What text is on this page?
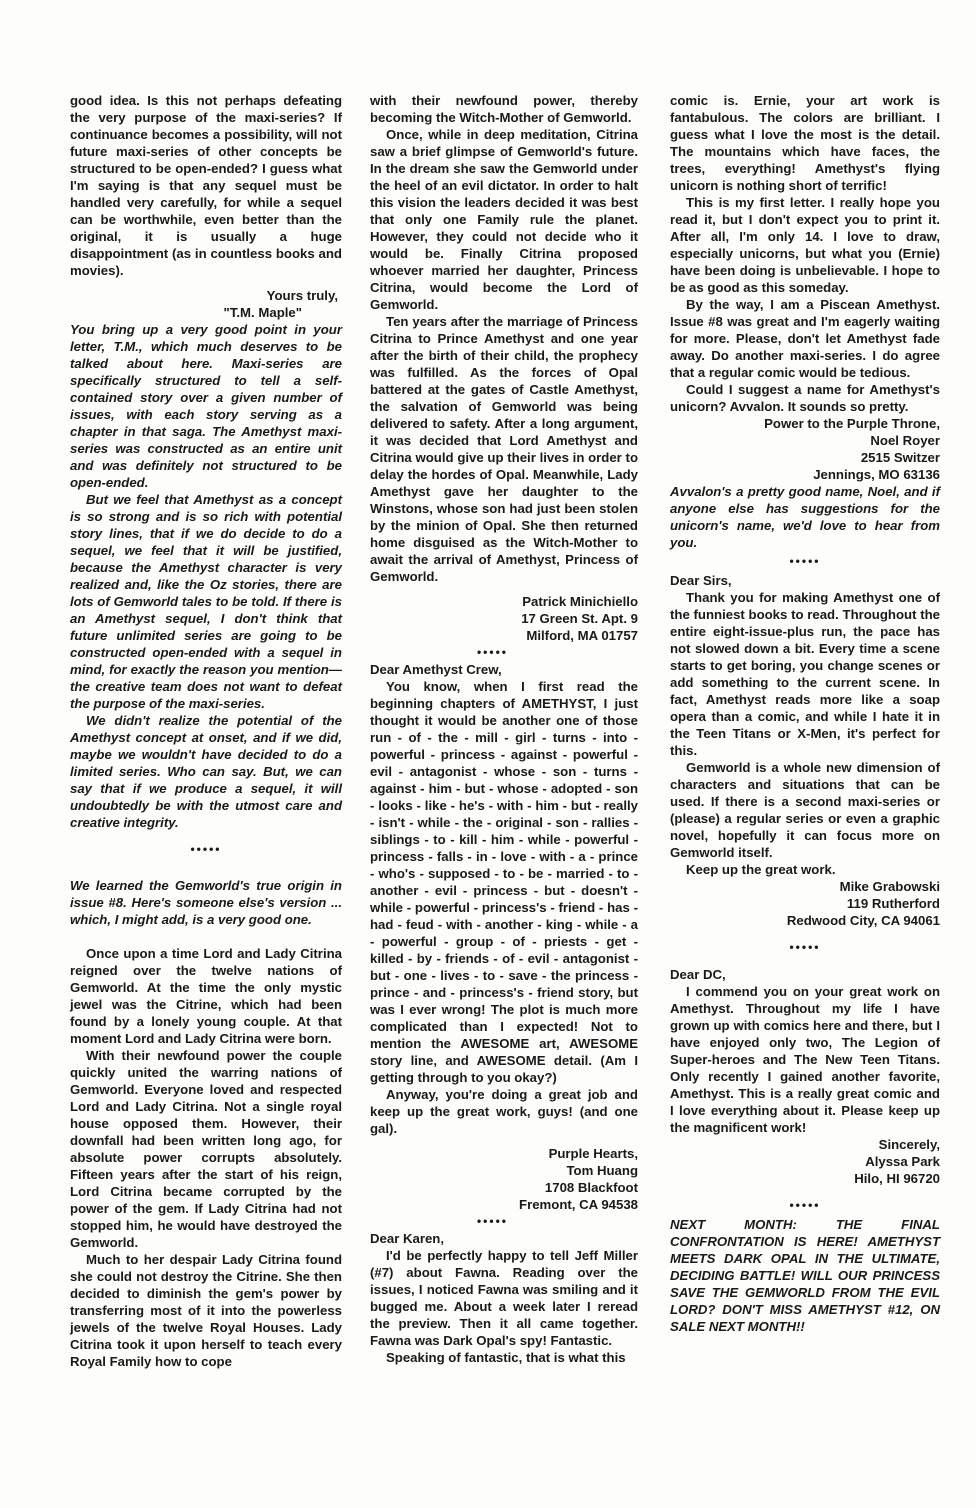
good idea. Is this not perhaps defeating the very purpose of the maxi-series? If continuance becomes a possibility, will not future maxi-series of other concepts be structured to be open-ended? I guess what I'm saying is that any sequel must be handled very carefully, for while a sequel can be worthwhile, even better than the original, it is usually a huge disappointment (as in countless books and movies).

Yours truly,

"T.M. Maple"

You bring up a very good point in your letter, T.M., which much deserves to be talked about here. Maxi-series are specifically structured to tell a self-contained story over a given number of issues, with each story serving as a chapter in that saga. The Amethyst maxi-series was constructed as an entire unit and was definitely not structured to be open-ended.

But we feel that Amethyst as a concept is so strong and is so rich with potential story lines, that if we do decide to do a sequel, we feel that it will be justified, because the Amethyst character is very realized and, like the Oz stories, there are lots of Gemworld tales to be told. If there is an Amethyst sequel, I don't think that future unlimited series are going to be constructed open-ended with a sequel in mind, for exactly the reason you mention—the creative team does not want to defeat the purpose of the maxi-series.

We didn't realize the potential of the Amethyst concept at onset, and if we did, maybe we wouldn't have decided to do a limited series. Who can say. But, we can say that if we produce a sequel, it will undoubtedly be with the utmost care and creative integrity.

•••••

We learned the Gemworld's true origin in issue #8. Here's someone else's version ... which, I might add, is a very good one.

Once upon a time Lord and Lady Citrina reigned over the twelve nations of Gemworld. At the time the only mystic jewel was the Citrine, which had been found by a lonely young couple. At that moment Lord and Lady Citrina were born.

With their newfound power the couple quickly united the warring nations of Gemworld. Everyone loved and respected Lord and Lady Citrina. Not a single royal house opposed them. However, their downfall had been written long ago, for absolute power corrupts absolutely. Fifteen years after the start of his reign, Lord Citrina became corrupted by the power of the gem. If Lady Citrina had not stopped him, he would have destroyed the Gemworld.

Much to her despair Lady Citrina found she could not destroy the Citrine. She then decided to diminish the gem's power by transferring most of it into the powerless jewels of the twelve Royal Houses. Lady Citrina took it upon herself to teach every Royal Family how to cope

with their newfound power, thereby becoming the Witch-Mother of Gemworld.

Once, while in deep meditation, Citrina saw a brief glimpse of Gemworld's future. In the dream she saw the Gemworld under the heel of an evil dictator. In order to halt this vision the leaders decided it was best that only one Family rule the planet. However, they could not decide who it would be. Finally Citrina proposed whoever married her daughter, Princess Citrina, would become the Lord of Gemworld.

Ten years after the marriage of Princess Citrina to Prince Amethyst and one year after the birth of their child, the prophecy was fulfilled. As the forces of Opal battered at the gates of Castle Amethyst, the salvation of Gemworld was being delivered to safety. After a long argument, it was decided that Lord Amethyst and Citrina would give up their lives in order to delay the hordes of Opal. Meanwhile, Lady Amethyst gave her daughter to the Winstons, whose son had just been stolen by the minion of Opal. She then returned home disguised as the Witch-Mother to await the arrival of Amethyst, Princess of Gemworld.

Patrick Minichiello

17 Green St. Apt. 9

Milford, MA 01757

•••••

Dear Amethyst Crew,

You know, when I first read the beginning chapters of AMETHYST, I just thought it would be another one of those run - of - the - mill - girl - turns - into - powerful - princess - against - powerful - evil - antagonist - whose - son - turns - against - him - but - whose - adopted - son - looks - like - he's - with - him - but - really - isn't - while - the - original - son - rallies - siblings - to - kill - him - while - powerful - princess - falls - in - love - with - a - prince - who's - supposed - to - be - married - to - another - evil - princess - but - doesn't - while - powerful - princess's - friend - has - had - feud - with - another - king - while - a - powerful - group - of - priests - get - killed - by - friends - of - evil - antagonist - but - one - lives - to - save - the princess - prince - and - princess's - friend story, but was I ever wrong! The plot is much more complicated than I expected! Not to mention the AWESOME art, AWESOME story line, and AWESOME detail. (Am I getting through to you okay?)

Anyway, you're doing a great job and keep up the great work, guys! (and one gal).

Purple Hearts,

Tom Huang

1708 Blackfoot

Fremont, CA 94538

•••••

Dear Karen,

I'd be perfectly happy to tell Jeff Miller (#7) about Fawna. Reading over the issues, I noticed Fawna was smiling and it bugged me. About a week later I reread the preview. Then it all came together. Fawna was Dark Opal's spy! Fantastic.

Speaking of fantastic, that is what this

comic is. Ernie, your art work is fantabulous. The colors are brilliant. I guess what I love the most is the detail. The mountains which have faces, the trees, everything! Amethyst's flying unicorn is nothing short of terrific!

This is my first letter. I really hope you read it, but I don't expect you to print it. After all, I'm only 14. I love to draw, especially unicorns, but what you (Ernie) have been doing is unbelievable. I hope to be as good as this someday.

By the way, I am a Piscean Amethyst. Issue #8 was great and I'm eagerly waiting for more. Please, don't let Amethyst fade away. Do another maxi-series. I do agree that a regular comic would be tedious.

Could I suggest a name for Amethyst's unicorn? Avvalon. It sounds so pretty.

Power to the Purple Throne,

Noel Royer

2515 Switzer

Jennings, MO 63136

Avvalon's a pretty good name, Noel, and if anyone else has suggestions for the unicorn's name, we'd love to hear from you.

•••••

Dear Sirs,

Thank you for making Amethyst one of the funniest books to read. Throughout the entire eight-issue-plus run, the pace has not slowed down a bit. Every time a scene starts to get boring, you change scenes or add something to the current scene. In fact, Amethyst reads more like a soap opera than a comic, and while I hate it in the Teen Titans or X-Men, it's perfect for this.

Gemworld is a whole new dimension of characters and situations that can be used. If there is a second maxi-series or (please) a regular series or even a graphic novel, hopefully it can focus more on Gemworld itself.

Keep up the great work.

Mike Grabowski

119 Rutherford

Redwood City, CA 94061

•••••

Dear DC,

I commend you on your great work on Amethyst. Throughout my life I have grown up with comics here and there, but I have enjoyed only two, The Legion of Super-heroes and The New Teen Titans. Only recently I gained another favorite, Amethyst. This is a really great comic and I love everything about it. Please keep up the magnificent work!

Sincerely,

Alyssa Park

Hilo, HI 96720

•••••

NEXT MONTH: THE FINAL CONFRONTATION IS HERE! AMETHYST MEETS DARK OPAL IN THE ULTIMATE, DECIDING BATTLE! WILL OUR PRINCESS SAVE THE GEMWORLD FROM THE EVIL LORD? DON'T MISS AMETHYST #12, ON SALE NEXT MONTH!!
